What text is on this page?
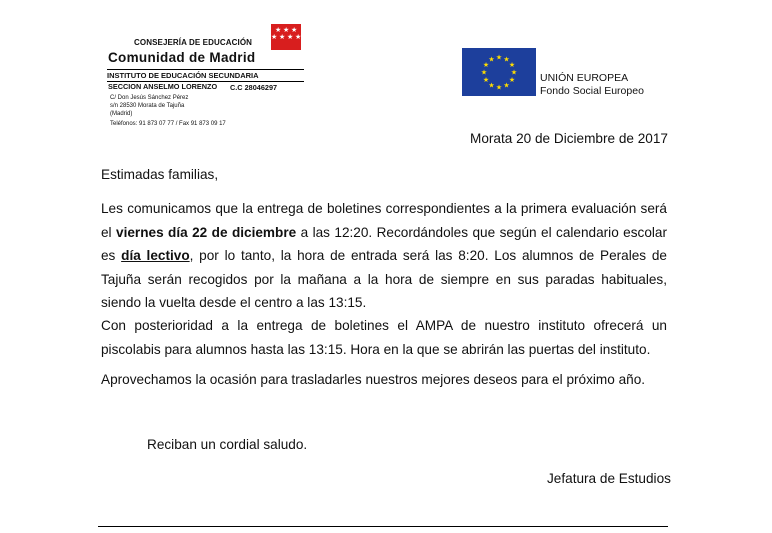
CONSEJERÍA DE EDUCACIÓN
Comunidad de Madrid
INSTITUTO DE EDUCACIÓN SECUNDARIA
SECCION ANSELMO LORENZO C.C 28046297
C/ Don Jesús Sánchez Pérez
s/n 28530 Morata de Tajuña
(Madrid)
Teléfonos: 91 873 07 77 / Fax 91 873 09 17
★ ★ ★
★ ★ ★ ★
★ ★
★
★
★
★
★
★
★
★
★
★
UNIÓN EUROPEA
Fondo Social Europeo
Morata 20 de Diciembre de 2017

Estimadas familias,

Les comunicamos que la entrega de boletines correspondientes a la primera evaluación será el viernes día 22 de diciembre a las 12:20. Recordándoles que según el calendario escolar es día lectivo, por lo tanto, la hora de entrada será las 8:20. Los alumnos de Perales de Tajuña serán recogidos por la mañana a la hora de siempre en sus paradas habituales, siendo la vuelta desde el centro a las 13:15.

Con posterioridad a la entrega de boletines el AMPA de nuestro instituto ofrecerá un piscolabis para alumnos hasta las 13:15. Hora en la que se abrirán las puertas del instituto.

Aprovechamos la ocasión para trasladarles nuestros mejores deseos para el próximo año.

Reciban un cordial saludo.
Jefatura de Estudios
